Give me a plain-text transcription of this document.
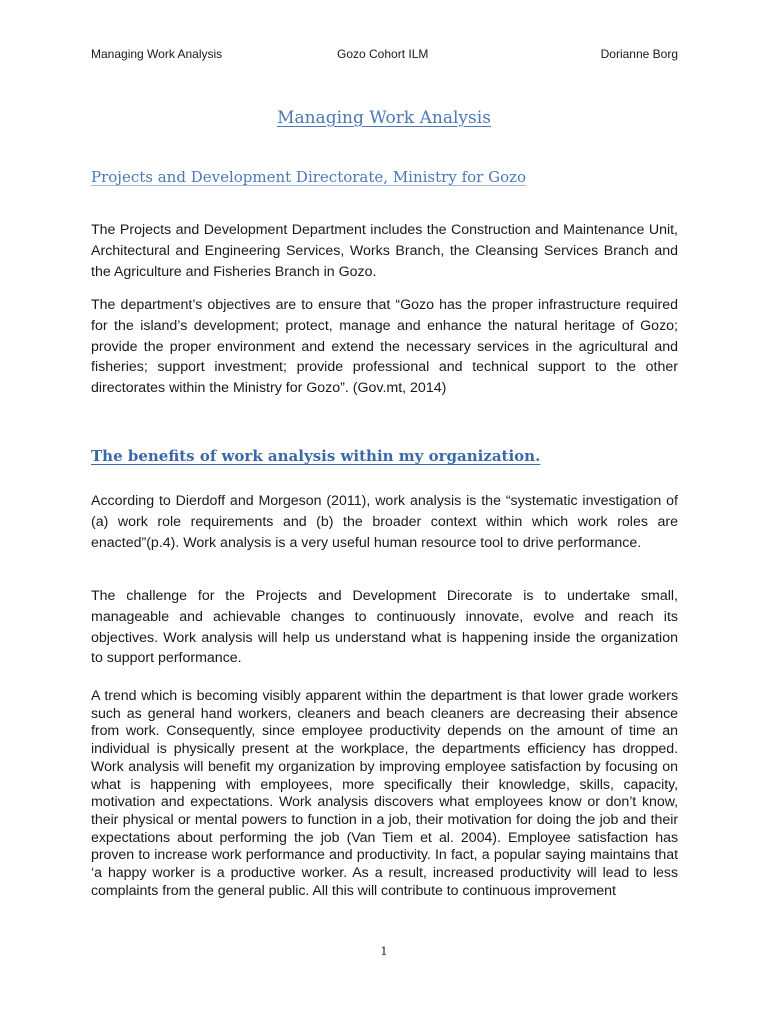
Managing Work Analysis	Gozo Cohort ILM	Dorianne Borg
Managing Work Analysis
Projects and Development Directorate, Ministry for Gozo

The Projects and Development Department includes the Construction and Maintenance Unit, Architectural and Engineering Services, Works Branch, the Cleansing Services Branch and the Agriculture and Fisheries Branch in Gozo.

The department’s objectives are to ensure that “Gozo has the proper infrastructure required for the island’s development; protect, manage and enhance the natural heritage of Gozo; provide the proper environment and extend the necessary services in the agricultural and fisheries; support investment; provide professional and technical support to the other directorates within the Ministry for Gozo”. (Gov.mt, 2014)

The benefits of work analysis within my organization.

According to Dierdoff and Morgeson (2011), work analysis is the “systematic investigation of (a) work role requirements and (b) the broader context within which work roles are enacted”(p.4). Work analysis is a very useful human resource tool to drive performance.

The challenge for the Projects and Development Direcorate is to undertake small, manageable and achievable changes to continuously innovate, evolve and reach its objectives. Work analysis will help us understand what is happening inside the organization to support performance.

A trend which is becoming visibly apparent within the department is that lower grade workers such as general hand workers, cleaners and beach cleaners are decreasing their absence from work. Consequently, since employee productivity depends on the amount of time an individual is physically present at the workplace, the departments efficiency has dropped. Work analysis will benefit my organization by improving employee satisfaction by focusing on what is happening with employees, more specifically their knowledge, skills, capacity, motivation and expectations. Work analysis discovers what employees know or don’t know, their physical or mental powers to function in a job, their motivation for doing the job and their expectations about performing the job (Van Tiem et al. 2004). Employee satisfaction has proven to increase work performance and productivity. In fact, a popular saying maintains that ‘a happy worker is a productive worker. As a result, increased productivity will lead to less complaints from the general public. All this will contribute to continuous improvement

1
